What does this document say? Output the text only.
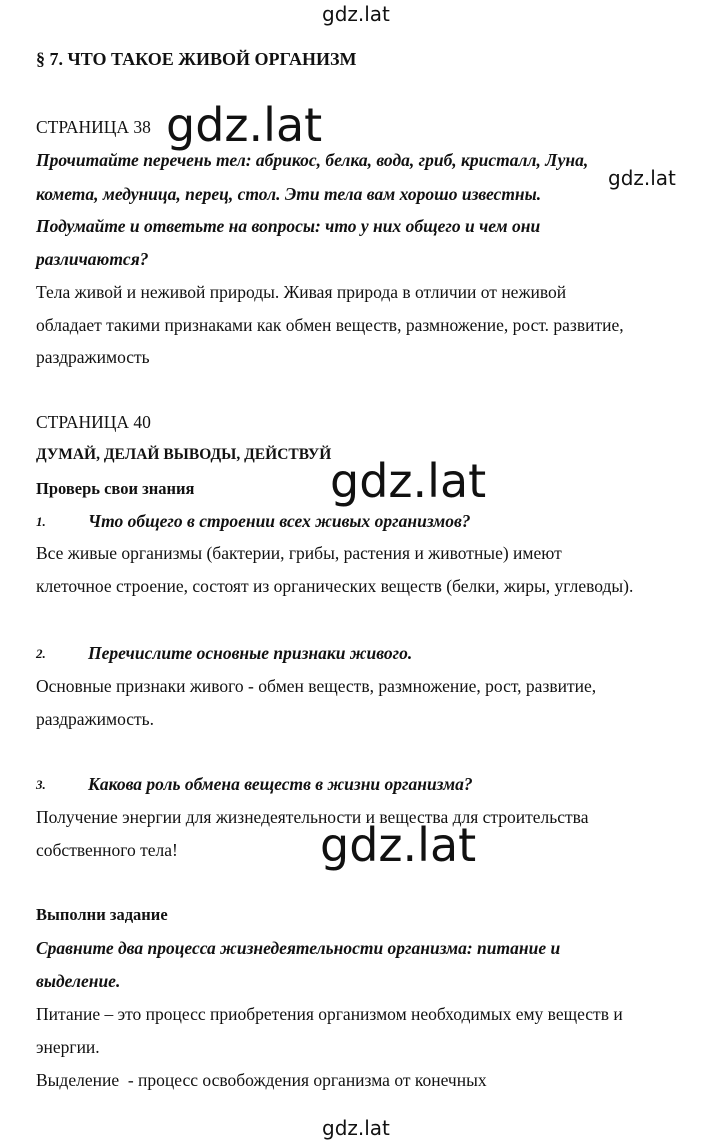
gdz.lat
gdz.lat
gdz.lat
gdz.lat
gdz.lat
gdz.lat
§ 7. ЧТО ТАКОЕ ЖИВОЙ ОРГАНИЗМ
СТРАНИЦА 38
Прочитайте перечень тел: абрикос, белка, вода, гриб, кристалл, Луна,
комета, медуница, перец, стол. Эти тела вам хорошо известны.
Подумайте и ответьте на вопросы: что у них общего и чем они
различаются?
Тела живой и неживой природы. Живая природа в отличии от неживой
обладает такими признаками как обмен веществ, размножение, рост. развитие,
раздражимость
СТРАНИЦА 40
ДУМАЙ, ДЕЛАЙ ВЫВОДЫ, ДЕЙСТВУЙ
Проверь свои знания
1. Что общего в строении всех живых организмов?
Все живые организмы (бактерии, грибы, растения и животные) имеют
клеточное строение, состоят из органических веществ (белки, жиры, углеводы).
2. Перечислите основные признаки живого.
Основные признаки живого - обмен веществ, размножение, рост, развитие,
раздражимость.
3. Какова роль обмена веществ в жизни организма?
Получение энергии для жизнедеятельности и вещества для строительства
собственного тела!
Выполни задание
Сравните два процесса жизнедеятельности организма: питание и
выделение.
Питание – это процесс приобретения организмом необходимых ему веществ и
энергии.
Выделение  - процесс освобождения организма от конечных
